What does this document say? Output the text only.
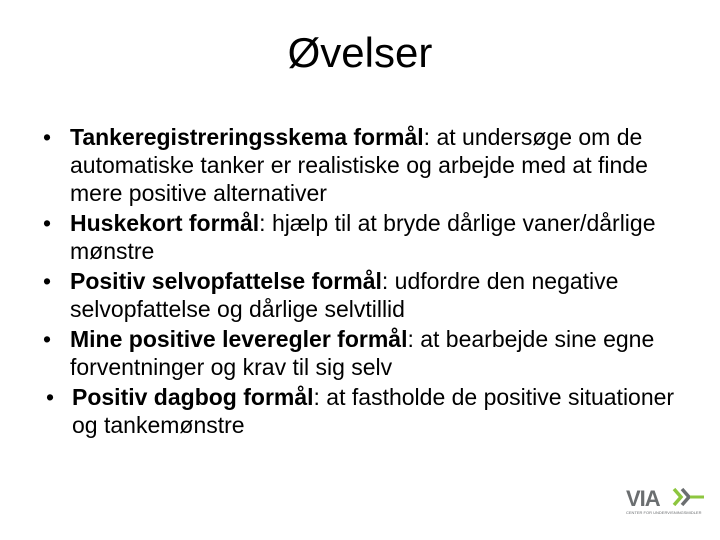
Øvelser
• Tankeregistreringsskema formål: at undersøge om de automatiske tanker er realistiske og arbejde med at finde mere positive alternativer
• Huskekort formål: hjælp til at bryde dårlige vaner/dårlige mønstre
• Positiv selvopfattelse formål: udfordre den negative selvopfattelse og dårlige selvtillid
• Mine positive leveregler formål: at bearbejde sine egne forventninger og krav til sig selv
• Positiv dagbog formål: at fastholde de positive situationer og tankemønstre
VIA
CENTER FOR UNDERVISNINGSMIDLER
